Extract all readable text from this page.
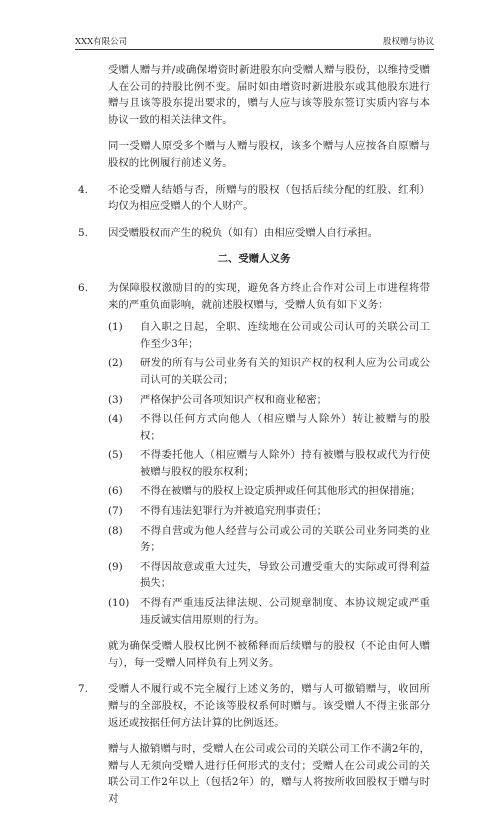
XXX有限公司	股权赠与协议

受赠人赠与并/或确保增资时新进股东向受赠人赠与股份，以维持受赠人在公司的持股比例不变。届时如由增资时新进股东或其他股东进行赠与且该等股东提出要求的，赠与人应与该等股东签订实质内容与本协议一致的相关法律文件。

同一受赠人原受多个赠与人赠与股权，该多个赠与人应按各自原赠与股权的比例履行前述义务。

4. 不论受赠人结婚与否，所赠与的股权（包括后续分配的红股、红利）均仅为相应受赠人的个人财产。
5. 因受赠股权而产生的税负（如有）由相应受赠人自行承担。
二、受赠人义务
6. 为保障股权激励目的的实现，避免各方终止合作对公司上市进程将带来的严重负面影响，就前述股权赠与，受赠人负有如下义务：
(1) 自入职之日起，全职、连续地在公司或公司认可的关联公司工作至少3年；
(2) 研发的所有与公司业务有关的知识产权的权利人应为公司或公司认可的关联公司；
(3) 严格保护公司各项知识产权和商业秘密；
(4) 不得以任何方式向他人（相应赠与人除外）转让被赠与的股权；
(5) 不得委托他人（相应赠与人除外）持有被赠与股权或代为行使被赠与股权的股东权利；
(6) 不得在被赠与的股权上设定质押或任何其他形式的担保措施；
(7) 不得有违法犯罪行为并被追究刑事责任；
(8) 不得自营或为他人经营与公司或公司的关联公司业务同类的业务；
(9) 不得因故意或重大过失，导致公司遭受重大的实际或可得利益损失；
(10) 不得有严重违反法律法规、公司规章制度、本协议规定或严重违反诚实信用原则的行为。

就为确保受赠人股权比例不被稀释而后续赠与的股权（不论由何人赠与），每一受赠人同样负有上列义务。

7. 受赠人不履行或不完全履行上述义务的，赠与人可撤销赠与，收回所赠与的全部股权，不论该等股权系何时赠与。该受赠人不得主张部分返还或按据任何方法计算的比例返还。

赠与人撤销赠与时，受赠人在公司或公司的关联公司工作不满2年的，赠与人无须向受赠人进行任何形式的支付；受赠人在公司或公司的关联公司工作2年以上（包括2年）的，赠与人将按所收回股权于赠与时对
